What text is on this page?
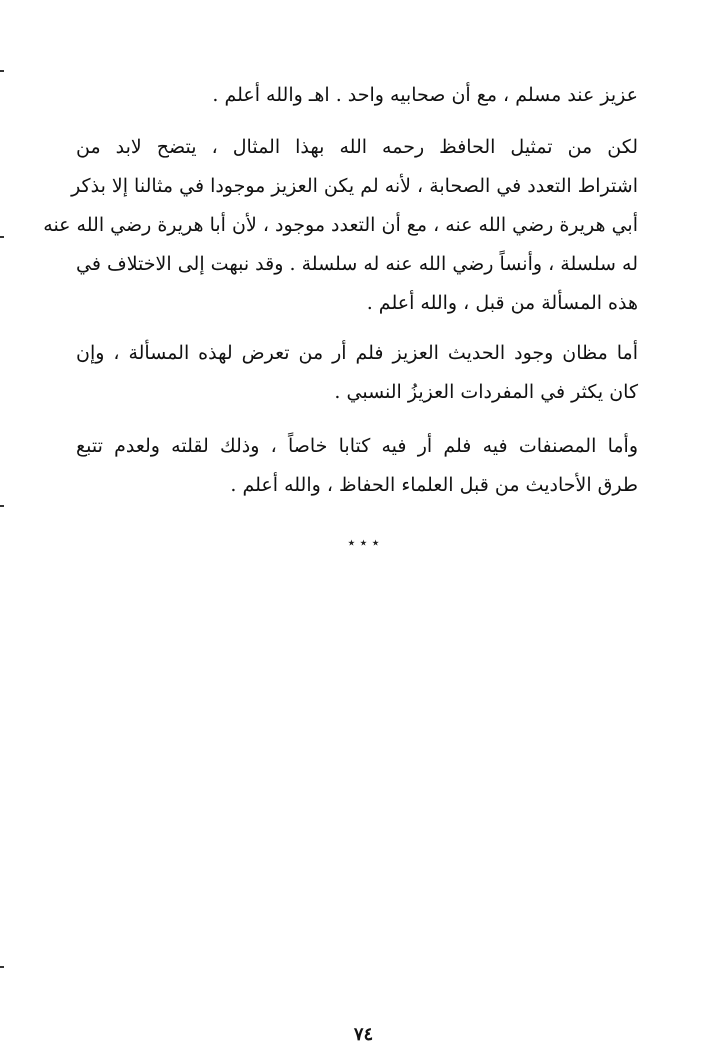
عزيز عند مسلم ، مع أن صحابيه واحد . اهـ والله أعلم .
لكن من تمثيل الحافظ رحمه الله بهذا المثال ، يتضح لابد من
اشتراط التعدد في الصحابة ، لأنه لم يكن العزيز موجودا في مثالنا إلا بذكر
أبي هريرة رضي الله عنه ، مع أن التعدد موجود ، لأن أبا هريرة رضي الله عنه
له سلسلة ، وأنساً رضي الله عنه له سلسلة . وقد نبهت إلى الاختلاف في
هذه المسألة من قبل ، والله أعلم .
أما مظان وجود الحديث العزيز فلم أر من تعرض لهذه المسألة ، وإن
كان يكثر في المفردات العزيزُ النسبي .
وأما المصنفات فيه فلم أر فيه كتابا خاصاً ، وذلك لقلته ولعدم تتبع
طرق الأحاديث من قبل العلماء الحفاظ ، والله أعلم .
٭ ٭ ٭
٧٤
